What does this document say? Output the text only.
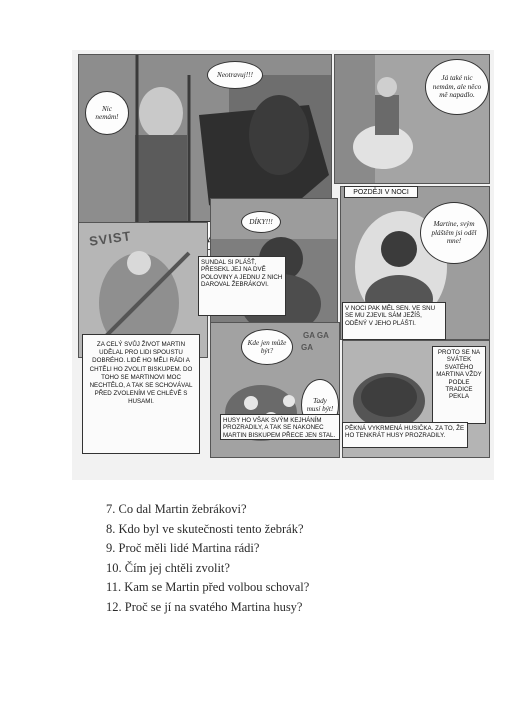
Nic nemám!
Neotravuj!!!	Já také nic nemám, ale něco mě napadlo.
SVIST
DÍKY!!!
SUNDAL SI PLÁŠŤ, PŘESEKL JEJ NA DVĚ POLOVINY A JEDNU Z NICH DAROVAL ŽEBRÁKOVI.
POZDĚJI V NOCI
Martine, svým pláštěm jsi oděl mne!
V NOCI PAK MĚL SEN. VE SNU SE MU ZJEVIL SÁM JEŽÍŠ, ODĚNÝ V JEHO PLÁŠTI.
ZA CELÝ SVŮJ ŽIVOT MARTIN UDĚLAL PRO LIDI SPOUSTU DOBRÉHO. LIDÉ HO MĚLI RÁDI A CHTĚLI HO ZVOLIT BISKUPEM. DO TOHO SE MARTINOVI MOC NECHTĚLO, A TAK SE SCHOVÁVAL PŘED ZVOLENÍM VE CHLÉVĚ S HUSAMI.
Kde jen může být?
GA GA
GA
Tady musí být!
HUSY HO VŠAK SVÝM KEJHÁNÍM PROZRADILY, A TAK SE NAKONEC MARTIN BISKUPEM PŘECE JEN STAL.
PROTO SE NA SVÁTEK SVATÉHO MARTINA VŽDY PODLE TRADICE PEKLA
PĚKNÁ VYKRMENÁ HUSIČKA. ZA TO, ŽE HO TENKRÁT HUSY PROZRADILY.
7. Co dal Martin žebrákovi?
8. Kdo byl ve skutečnosti tento žebrák?
9. Proč měli lidé Martina rádi?
10. Čím jej chtěli zvolit?
11. Kam se Martin před volbou schoval?
12. Proč se jí na svatého Martina husy?
